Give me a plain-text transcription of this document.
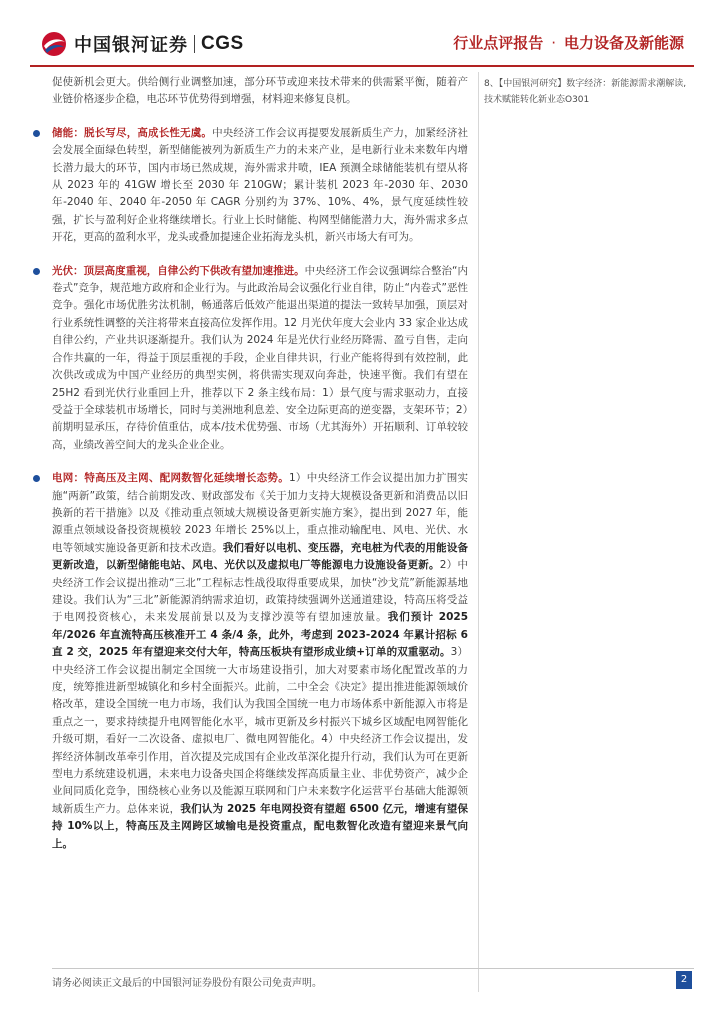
中国银河证券 CGS	行业点评报告 · 电力设备及新能源

促使新机会更大。供给侧行业调整加速，部分环节或迎来技术带来的供需紧平衡，随着产业链价格逐步企稳，电芯环节优势得到增强，材料迎来修复良机。

储能：脱长写尽，高成长性无虞。中央经济工作会议再提要发展新质生产力，加紧经济社会发展全面绿色转型，新型储能被列为新质生产力的未来产业，是电新行业未来数年内增长潜力最大的环节，国内市场已然成规，海外需求井喷，IEA 预测全球储能装机有望从将从 2023 年的 41GW 增长至 2030 年 210GW；累计装机 2023 年-2030 年、2030 年-2040 年、2040 年-2050 年 CAGR 分别约为 37%、10%、4%，景气度延续性较强，扩长与盈利好企业将继续增长。行业上长时储能、构网型储能潜力大，海外需求多点开花，更高的盈利水平，龙头或叠加提速企业拓海龙头机，新兴市场大有可为。

光伏：顶层高度重视，自律公约下供改有望加速推进。中央经济工作会议强调综合整治“内卷式”竞争，规范地方政府和企业行为。与此政治局会议强化行业自律，防止“内卷式”恶性竞争。强化市场优胜劣汰机制，畅通落后低效产能退出渠道的提法一致转早加强，顶层对行业系统性调整的关注将带来直接高位发挥作用。12 月光伏年度大会业内 33 家企业达成自律公约，产业共识逐渐提升。我们认为 2024 年是光伏行业经历降需、盈亏自售，走向合作共赢的一年，得益于顶层重视的手段，企业自律共识，行业产能将得到有效控制，此次供改或成为中国产业经历的典型实例，将供需实现双向奔赴，快速平衡。我们有望在 25H2 看到光伏行业重回上升，推荐以下 2 条主线布局：1）景气度与需求驱动力，直接受益于全球装机市场增长，同时与美洲地利息差、安全边际更高的逆变器，支架环节；2）前期明显承压，存待价值重估，成本/技术优势强、市场（尤其海外）开拓顺利、订单较较高，业绩改善空间大的龙头企业企业。

电网：特高压及主网、配网数智化延续增长态势。1）中央经济工作会议提出加力扩围实施“两新”政策，结合前期发改、财政部发布《关于加力支持大规模设备更新和消费品以旧换新的若干措施》以及《推动重点领域大规模设备更新实施方案》，提出到 2027 年，能源重点领域设备投资规模较 2023 年增长 25%以上，重点推动输配电、风电、光伏、水电等领域实施设备更新和技术改造。我们看好以电机、变压器，充电桩为代表的用能设备更新改造，以新型储能电站、风电、光伏以及虚拟电厂等能源电力设施设备更新。2）中央经济工作会议提出推动“三北”工程标志性战役取得重要成果，加快“沙戈荒”新能源基地建设。我们认为“三北”新能源消纳需求迫切，政策持续强调外送通道建设，特高压将受益于电网投资核心，未来发展前景以及为支撑沙漠等有望加速放量。我们预计 2025 年/2026 年直流特高压核准开工 4 条/4 条，此外，考虑到 2023-2024 年累计招标 6 直 2 交，2025 年有望迎来交付大年，特高压板块有望形成业绩+订单的双重驱动。3）中央经济工作会议提出制定全国统一大市场建设指引，加大对要素市场化配置改革的力度，统筹推进新型城镇化和乡村全面振兴。此前，二中全会《决定》提出推进能源领域价格改革，建设全国统一电力市场，我们认为我国全国统一电力市场体系中新能源入市将是重点之一，要求持续提升电网智能化水平，城市更新及乡村振兴下城乡区域配电网智能化升级可期，看好一二次设备、虚拟电厂、微电网智能化。4）中央经济工作会议提出，发挥经济体制改革牵引作用，首次提及完成国有企业改革深化提升行动，我们认为可在更新型电力系统建设机遇，未来电力设备央国企将继续发挥高质量主业、非优势资产，减少企业间同质化竞争，围绕核心业务以及能源互联网和门户未来数字化运营平台基础大能源领域新质生产力。总体来说，我们认为 2025 年电网投资有望超 6500 亿元，增速有望保持 10%以上，特高压及主网跨区域输电是投资重点，配电数智化改造有望迎来景气向上。

8、【中国银河研究】数字经济：新能源需求潮解读,技术赋能转化新业态O301

请务必阅读正文最后的中国银河证券股份有限公司免责声明。	2
